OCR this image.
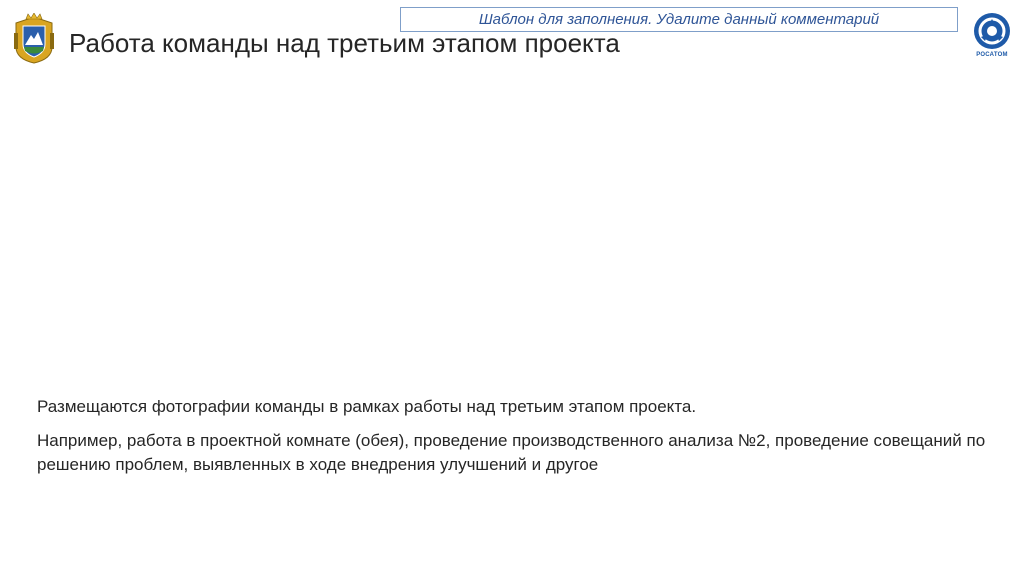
Работа команды над третьим этапом проекта
Шаблон для заполнения. Удалите данный комментарий
РОСАТОМ

Размещаются фотографии команды в рамках работы над третьим этапом проекта.

Например, работа в проектной комнате (обея), проведение производственного анализа №2, проведение совещаний по решению проблем, выявленных в ходе внедрения улучшений и другое
